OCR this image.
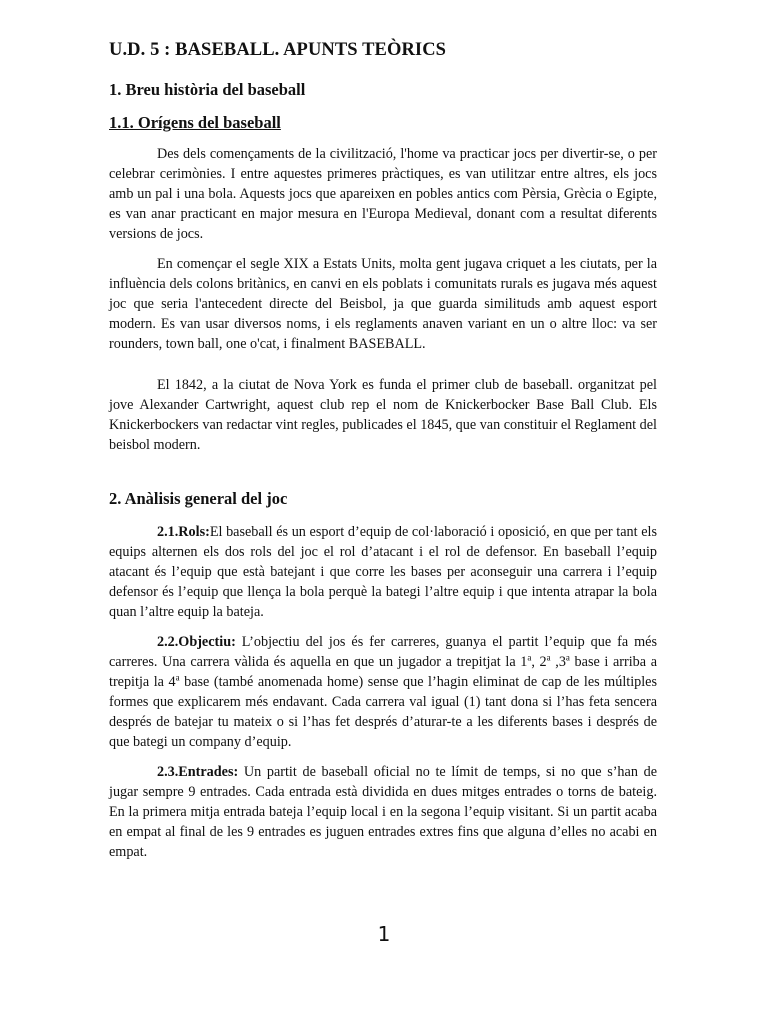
U.D. 5 : BASEBALL. APUNTS TEÒRICS
1. Breu història del baseball
1.1. Orígens del baseball

Des dels començaments de la civilització, l'home va practicar jocs per divertir-se, o per celebrar cerimònies. I entre aquestes primeres pràctiques, es van utilitzar entre altres, els jocs amb un pal i una bola. Aquests jocs que apareixen en pobles antics com Pèrsia, Grècia o Egipte, es van anar practicant en major mesura en l'Europa Medieval, donant com a resultat diferents versions de jocs.

En començar el segle XIX a Estats Units, molta gent jugava criquet a les ciutats, per la influència dels colons britànics, en canvi en els poblats i comunitats rurals es jugava més aquest joc que seria l'antecedent directe del Beisbol, ja que guarda similituds amb aquest esport modern. Es van usar diversos noms, i els reglaments anaven variant en un o altre lloc: va ser rounders, town ball, one o'cat, i finalment BASEBALL.

El 1842, a la ciutat de Nova York es funda el primer club de baseball. organitzat pel jove Alexander Cartwright, aquest club rep el nom de Knickerbocker Base Ball Club. Els Knickerbockers van redactar vint regles, publicades el 1845, que van constituir el Reglament del beisbol modern.

2. Anàlisis general del joc

2.1.Rols:El baseball és un esport d’equip de col·laboració i oposició, en que per tant els equips alternen els dos rols del joc el rol d’atacant i el rol de defensor. En baseball l’equip atacant és l’equip que està batejant i que corre les bases per aconseguir una carrera i l’equip defensor és l’equip que llença la bola perquè la bategi l’altre equip i que intenta atrapar la bola quan l’altre equip la bateja.

2.2.Objectiu: L’objectiu del jos és fer carreres, guanya el partit l’equip que fa més carreres. Una carrera vàlida és aquella en que un jugador a trepitjat la 1$^a$, 2$^a$ ,3$^a$ base i arriba a trepitja la 4$^a$ base (també anomenada home) sense que l’hagin eliminat de cap de les múltiples formes que explicarem més endavant. Cada carrera val igual (1) tant dona si l’has feta sencera després de batejar tu mateix o si l’has fet després d’aturar-te a les diferents bases i després de que bategi un company d’equip.

2.3.Entrades: Un partit de baseball oficial no te límit de temps, si no que s’han de jugar sempre 9 entrades. Cada entrada està dividida en dues mitges entrades o torns de bateig. En la primera mitja entrada bateja l’equip local i en la segona l’equip visitant. Si un partit acaba en empat al final de les 9 entrades es juguen entrades extres fins que alguna d’elles no acabi en empat.

1
